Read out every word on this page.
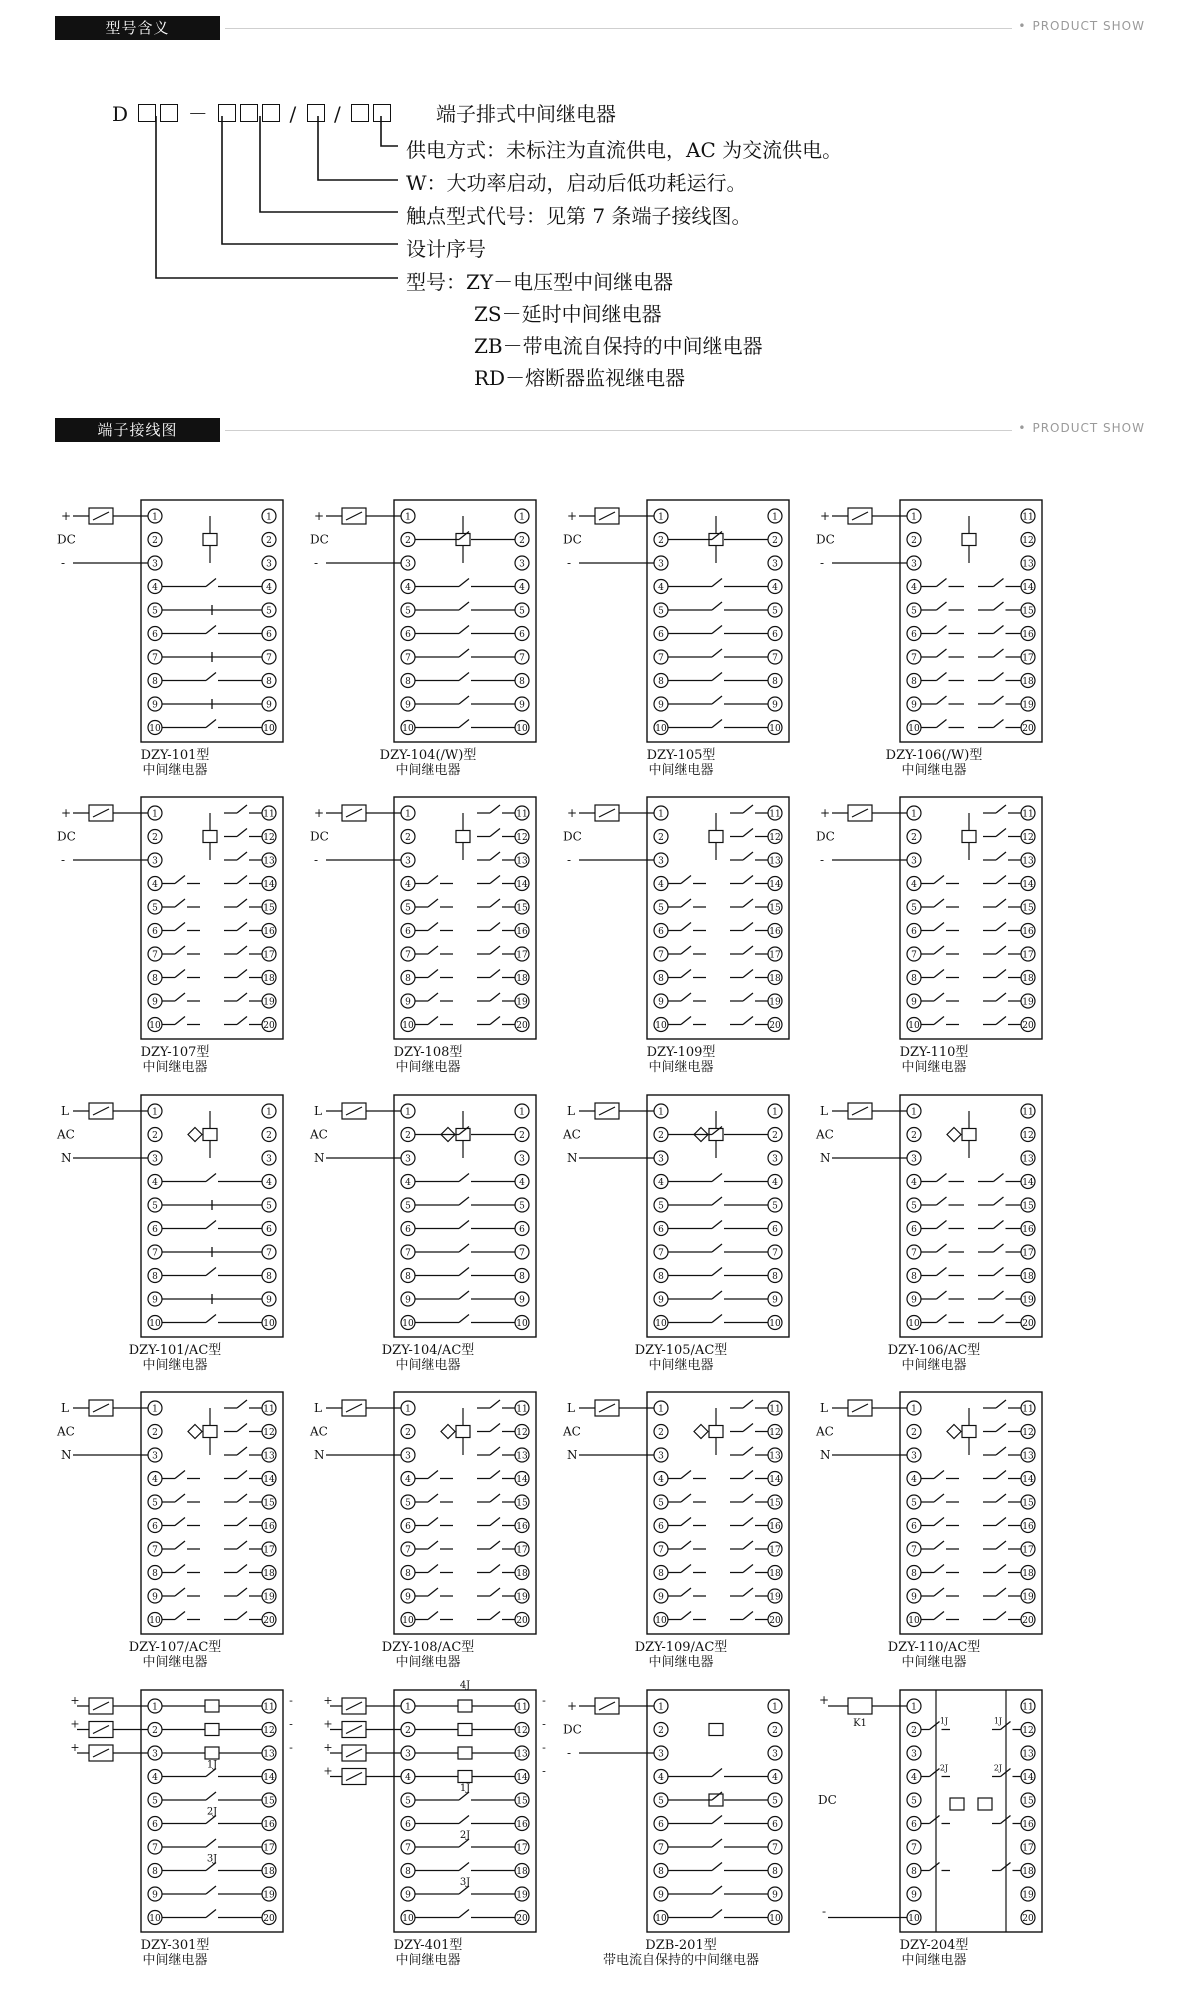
型号含义	• PRODUCT SHOW
D	－	/ /	端子排式中间继电器
供电方式：未标注为直流供电，AC 为交流供电。
W：大功率启动，启动后低功耗运行。
触点型式代号：见第 7 条端子接线图。
设计序号
型号：ZY－电压型中间继电器
ZS－延时中间继电器
ZB－带电流自保持的中间继电器
RD－熔断器监视继电器
端子接线图	• PRODUCT SHOW
1	1
2	2
3	3
4	4
5	5
6	6
7	7
8	8
9	9
10	10
+
DC
-
DZY-101型
中间继电器
1	1
2	2
3	3
4	4
5	5
6	6
7	7
8	8
9	9
10	10
+
DC
-
DZY-104(/W)型
中间继电器
1	1
2	2
3	3
4	4
5	5
6	6
7	7
8	8
9	9
10	10
+
DC
-
DZY-105型
中间继电器
1	11
2	12
3	13
4	14
5	15
6	16
7	17
8	18
9	19
10	20
+
DC
-
DZY-106(/W)型
中间继电器
1	11
2	12
3	13
4	14
5	15
6	16
7	17
8	18
9	19
10	20
+
DC
-
DZY-107型
中间继电器
1	11
2	12
3	13
4	14
5	15
6	16
7	17
8	18
9	19
10	20
+
DC
-
DZY-108型
中间继电器
1	11
2	12
3	13
4	14
5	15
6	16
7	17
8	18
9	19
10	20
+
DC
-
DZY-109型
中间继电器
1	11
2	12
3	13
4	14
5	15
6	16
7	17
8	18
9	19
10	20
+
DC
-
DZY-110型
中间继电器
1	1
2	2
3	3
4	4
5	5
6	6
7	7
8	8
9	9
10	10
L
AC
N
DZY-101/AC型
中间继电器
1	1
2	2
3	3
4	4
5	5
6	6
7	7
8	8
9	9
10	10
L
AC
N
DZY-104/AC型
中间继电器
1	1
2	2
3	3
4	4
5	5
6	6
7	7
8	8
9	9
10	10
L
AC
N
DZY-105/AC型
中间继电器
1	11
2	12
3	13
4	14
5	15
6	16
7	17
8	18
9	19
10	20
L
AC
N
DZY-106/AC型
中间继电器
1	11
2	12
3	13
4	14
5	15
6	16
7	17
8	18
9	19
10	20
L
AC
N
DZY-107/AC型
中间继电器
1	11
2	12
3	13
4	14
5	15
6	16
7	17
8	18
9	19
10	20
L
AC
N
DZY-108/AC型
中间继电器
1	11
2	12
3	13
4	14
5	15
6	16
7	17
8	18
9	19
10	20
L
AC
N
DZY-109/AC型
中间继电器
1	11
2	12
3	13
4	14
5	15
6	16
7	17
8	18
9	19
10	20
L
AC
N
DZY-110/AC型
中间继电器
1	11
2	12
3	13
4	14
5	15
6	16
7	17
8	18
9	19
10	20
1J
2J
3J
+	-
+	-
+	-
DZY-301型
中间继电器
1	11
2	12
3	13
4	14
5	15
6	16
7	17
8	18
9	19
10	20
1J
2J
3J
4J
+	-
+	-
+	-
+	-
DZY-401型
中间继电器
1	1
2	2
3	3
4	4
5	5
6	6
7	7
8	8
9	9
10	10
+
DC
-
DZB-201型
带电流自保持的中间继电器
1	11
2	12
3	13
4	14
5	15
6	16
7	17
8	18
9	19
10	20
1J	1J
2J	2J
+
K1
DC
-
DZY-204型
中间继电器
